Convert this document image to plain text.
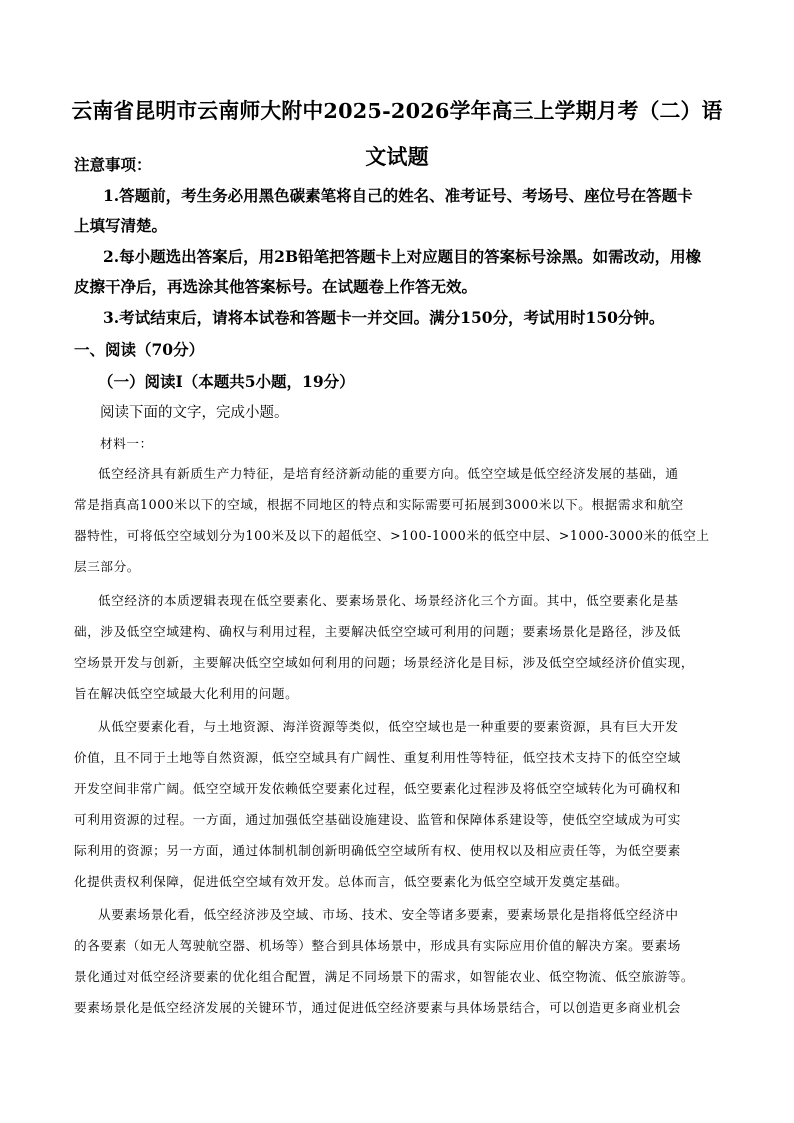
云南省昆明市云南师大附中2025-2026学年高三上学期月考（二）语
文试题
注意事项：
1.答题前，考生务必用黑色碳素笔将自己的姓名、准考证号、考场号、座位号在答题卡
上填写清楚。
2.每小题选出答案后，用2B铅笔把答题卡上对应题目的答案标号涂黑。如需改动，用橡
皮擦干净后，再选涂其他答案标号。在试题卷上作答无效。
3.考试结束后，请将本试卷和答题卡一并交回。满分150分，考试用时150分钟。
一、阅读（70分）
（一）阅读Ⅰ（本题共5小题，19分）
阅读下面的文字，完成小题。
材料一：
低空经济具有新质生产力特征，是培育经济新动能的重要方向。低空空域是低空经济发展的基础，通
常是指真高1000米以下的空域，根据不同地区的特点和实际需要可拓展到3000米以下。根据需求和航空
器特性，可将低空空域划分为100米及以下的超低空、>100-1000米的低空中层、>1000-3000米的低空上
层三部分。
低空经济的本质逻辑表现在低空要素化、要素场景化、场景经济化三个方面。其中，低空要素化是基
础，涉及低空空域建构、确权与利用过程，主要解决低空空域可利用的问题；要素场景化是路径，涉及低
空场景开发与创新，主要解决低空空域如何利用的问题；场景经济化是目标，涉及低空空域经济价值实现，
旨在解决低空空域最大化利用的问题。
从低空要素化看，与土地资源、海洋资源等类似，低空空域也是一种重要的要素资源，具有巨大开发
价值，且不同于土地等自然资源，低空空域具有广阔性、重复利用性等特征，低空技术支持下的低空空域
开发空间非常广阔。低空空域开发依赖低空要素化过程，低空要素化过程涉及将低空空域转化为可确权和
可利用资源的过程。一方面，通过加强低空基础设施建设、监管和保障体系建设等，使低空空域成为可实
际利用的资源；另一方面，通过体制机制创新明确低空空域所有权、使用权以及相应责任等，为低空要素
化提供责权利保障，促进低空空域有效开发。总体而言，低空要素化为低空空域开发奠定基础。
从要素场景化看，低空经济涉及空域、市场、技术、安全等诸多要素，要素场景化是指将低空经济中
的各要素（如无人驾驶航空器、机场等）整合到具体场景中，形成具有实际应用价值的解决方案。要素场
景化通过对低空经济要素的优化组合配置，满足不同场景下的需求，如智能农业、低空物流、低空旅游等。
要素场景化是低空经济发展的关键环节，通过促进低空经济要素与具体场景结合，可以创造更多商业机会
